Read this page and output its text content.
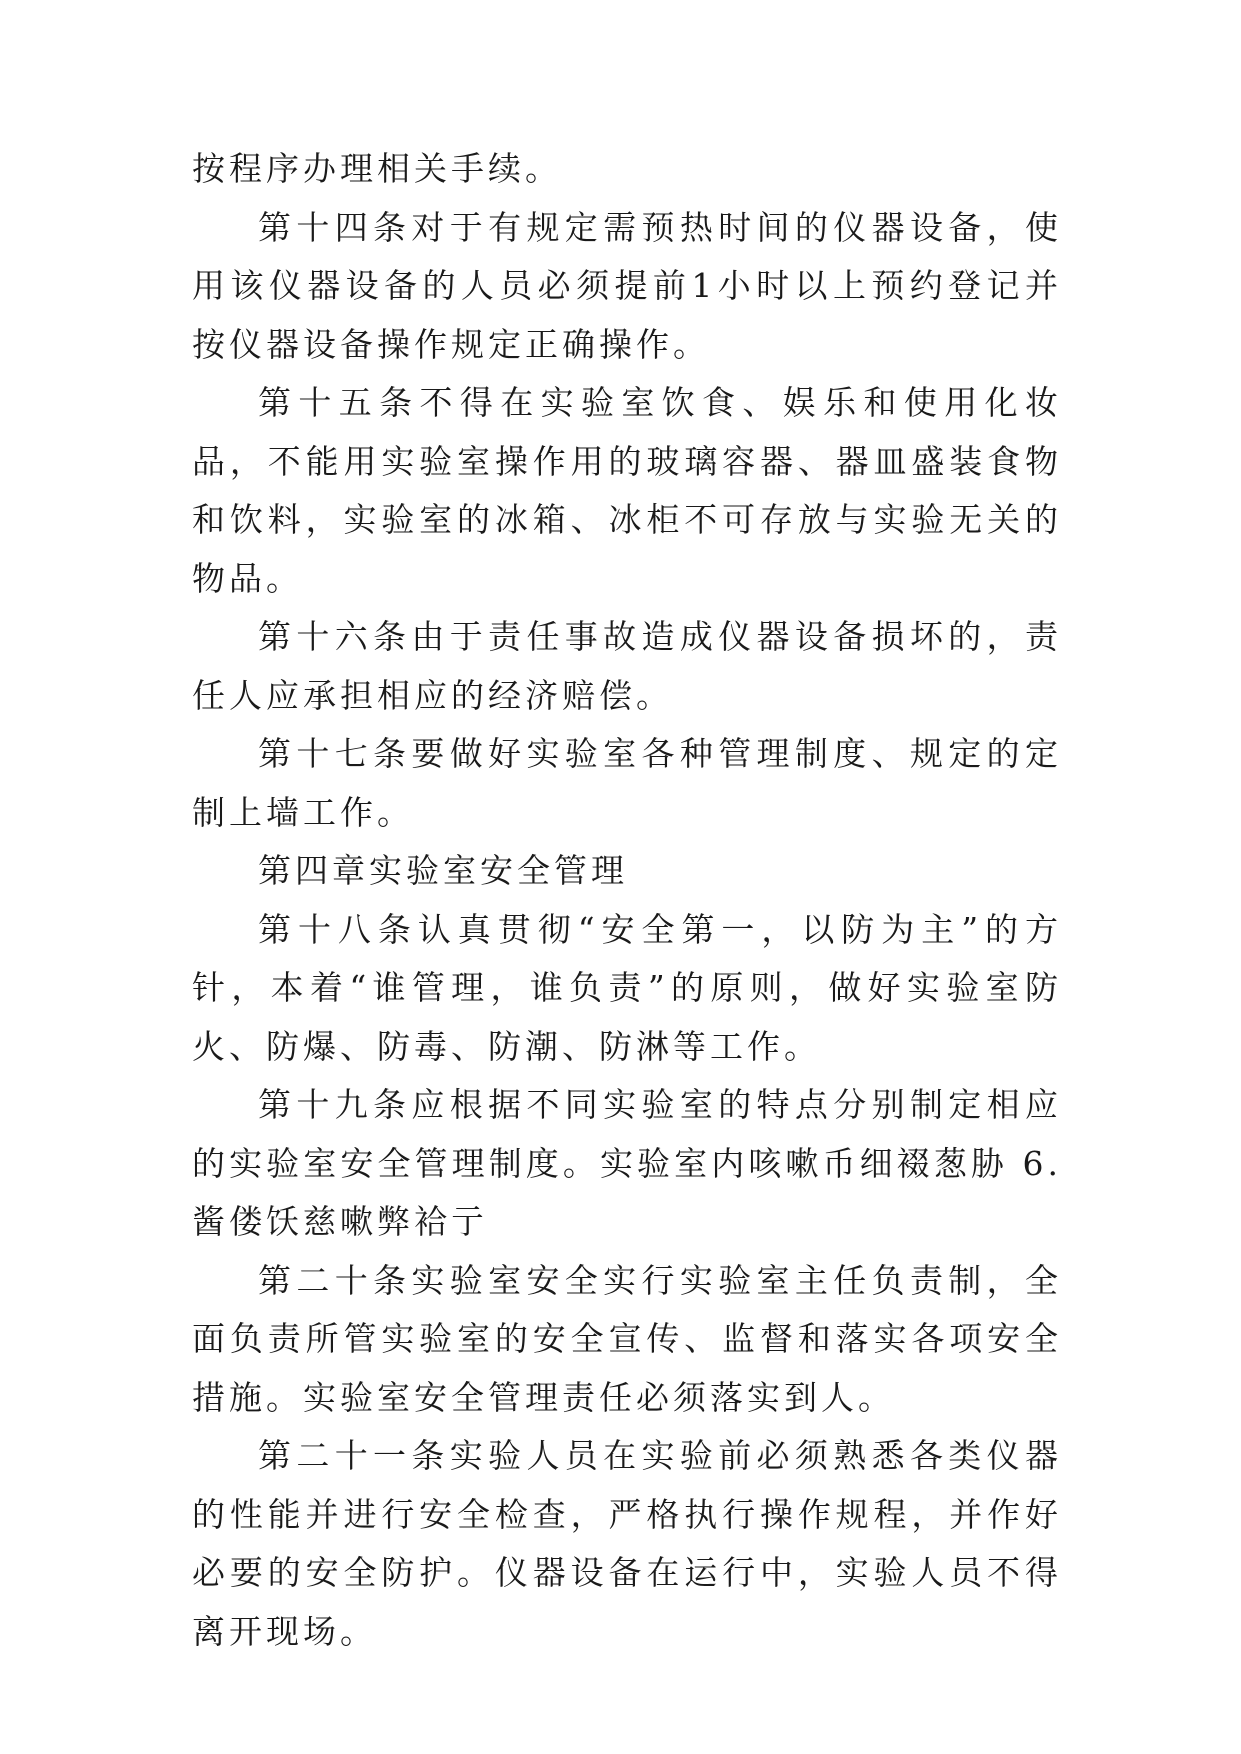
按程序办理相关手续。

第十四条对于有规定需预热时间的仪器设备，使用该仪器设备的人员必须提前1小时以上预约登记并按仪器设备操作规定正确操作。

第十五条不得在实验室饮食、娱乐和使用化妆品，不能用实验室操作用的玻璃容器、器皿盛装食物和饮料，实验室的冰箱、冰柜不可存放与实验无关的物品。

第十六条由于责任事故造成仪器设备损坏的，责任人应承担相应的经济赔偿。

第十七条要做好实验室各种管理制度、规定的定制上墙工作。

第四章实验室安全管理

第十八条认真贯彻“安全第一，以防为主”的方针，本着“谁管理，谁负责”的原则，做好实验室防火、防爆、防毒、防潮、防淋等工作。

第十九条应根据不同实验室的特点分别制定相应的实验室安全管理制度。实验室内咳嗽币细裰葱胁 6.酱偻饫慈嗽弊袷亍

第二十条实验室安全实行实验室主任负责制，全面负责所管实验室的安全宣传、监督和落实各项安全措施。实验室安全管理责任必须落实到人。

第二十一条实验人员在实验前必须熟悉各类仪器的性能并进行安全检查，严格执行操作规程，并作好必要的安全防护。仪器设备在运行中，实验人员不得离开现场。
